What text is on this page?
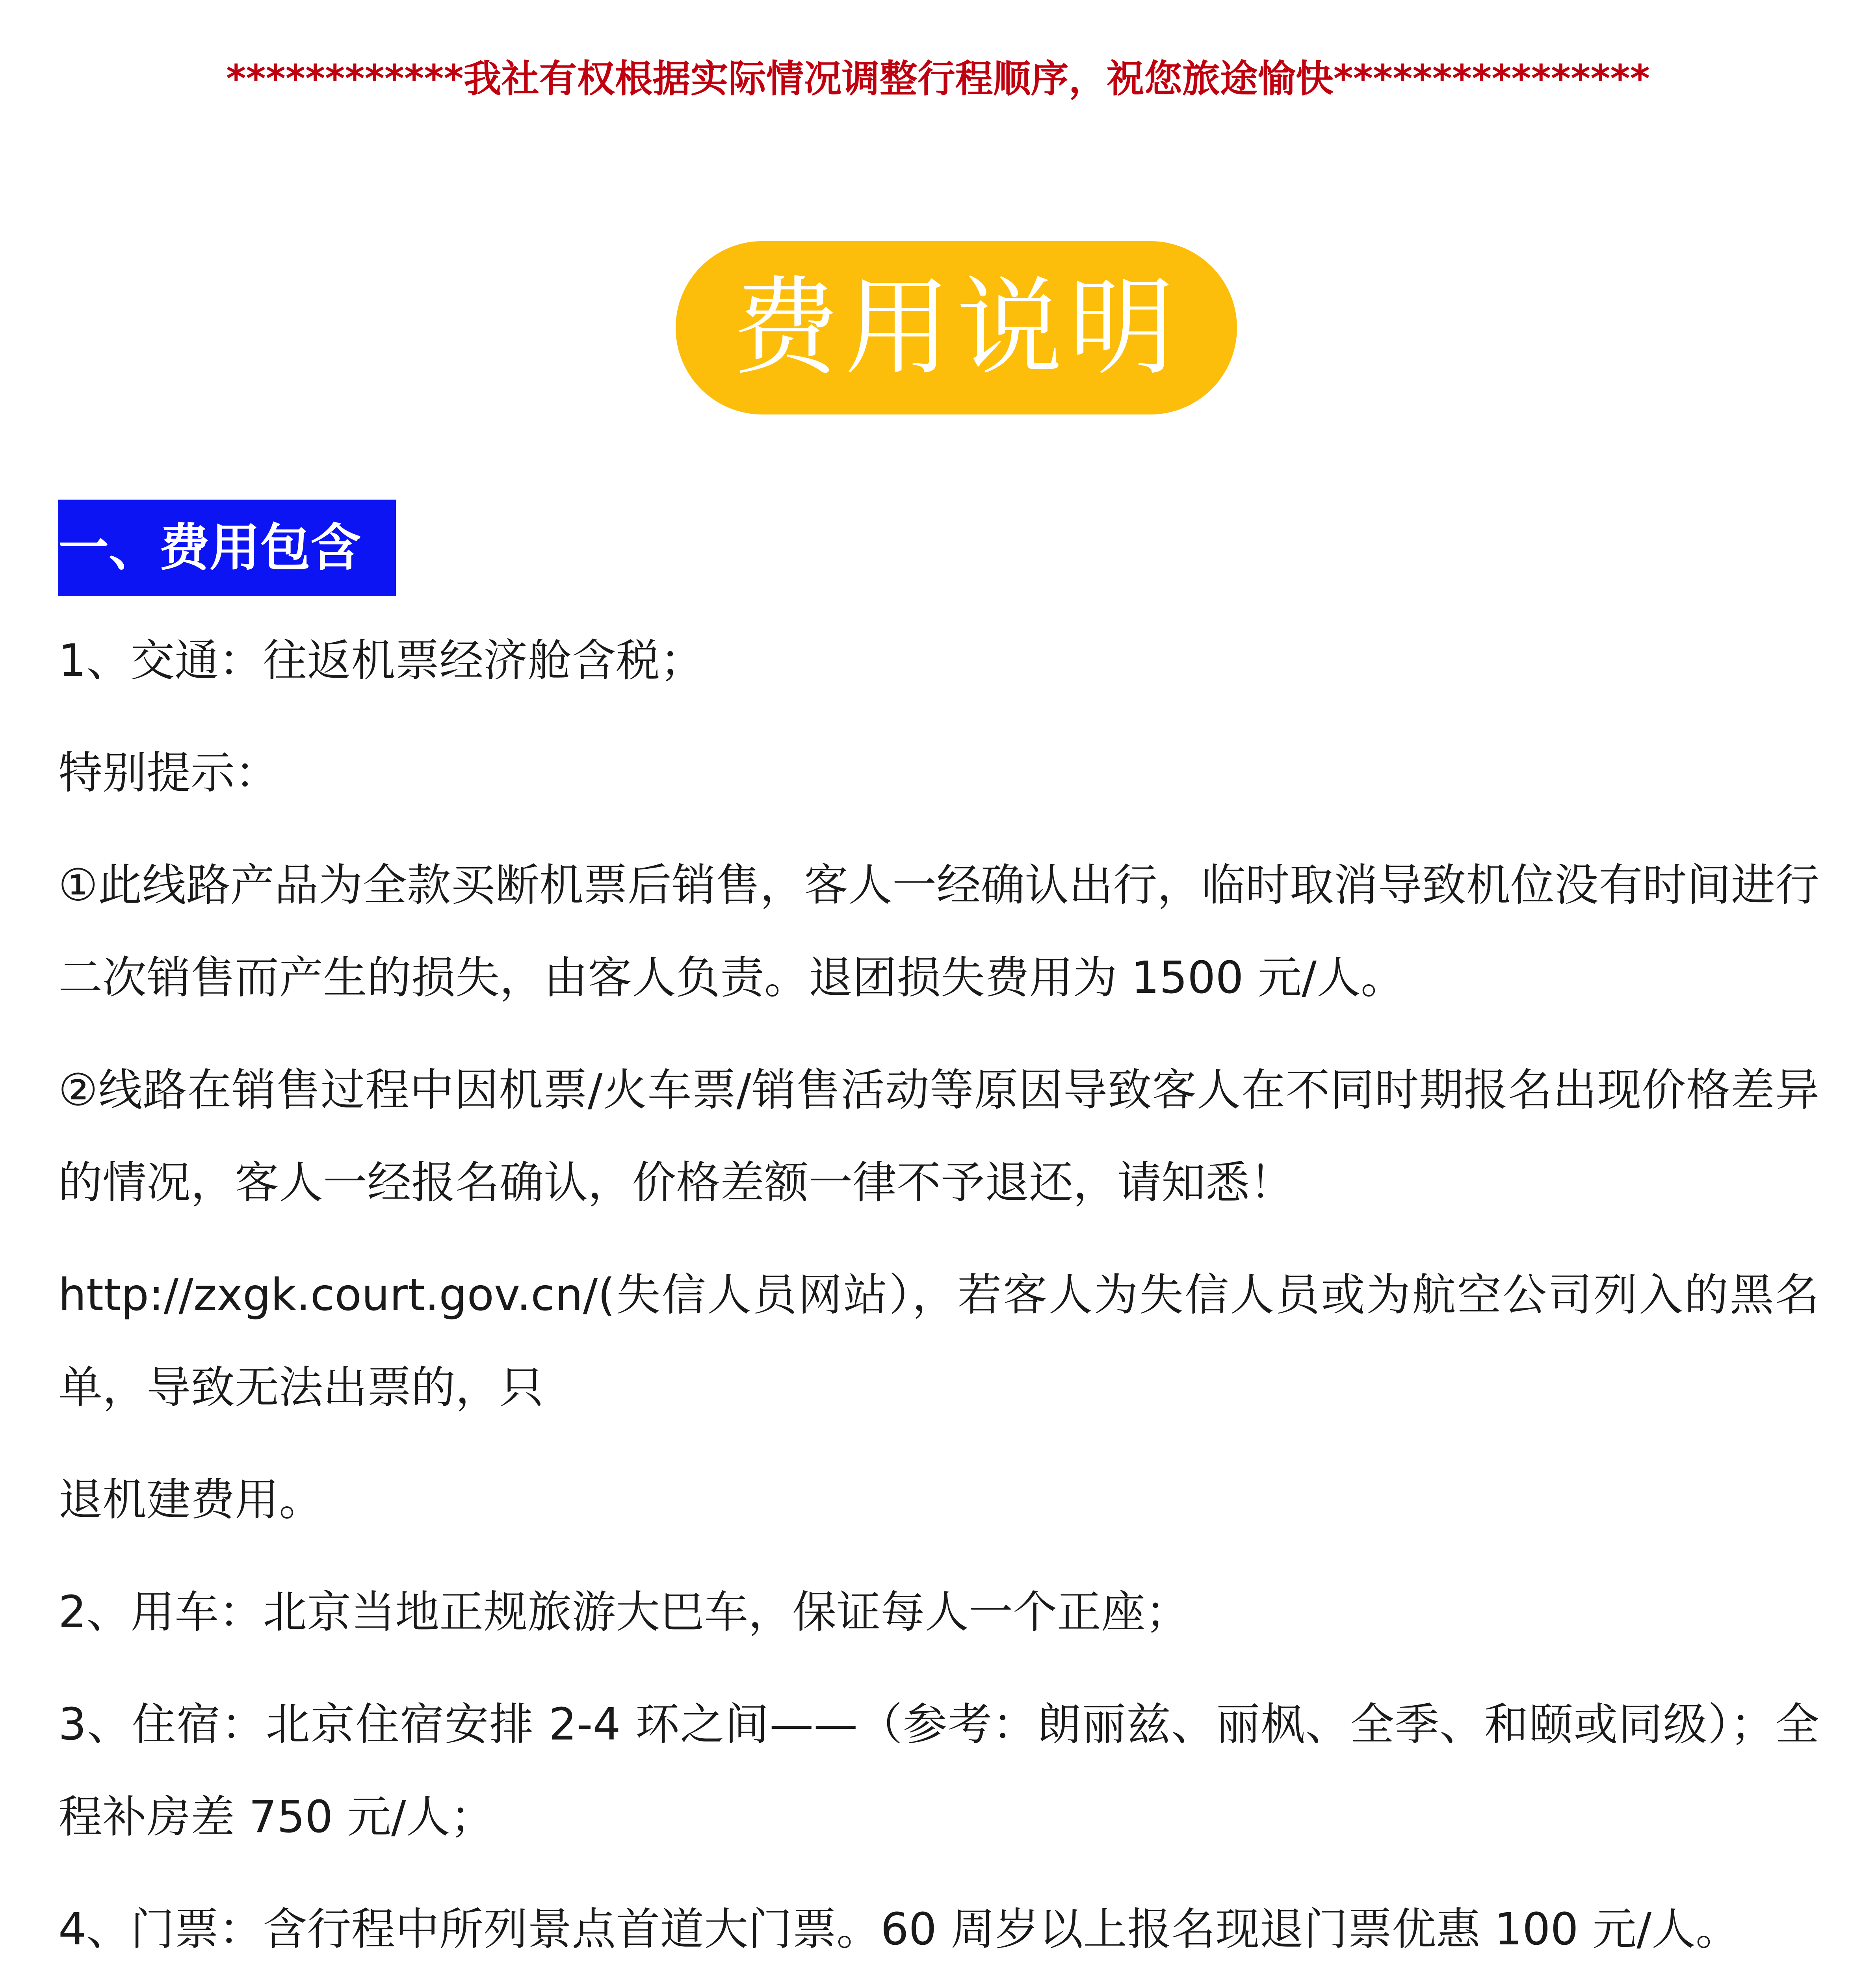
************我社有权根据实际情况调整行程顺序，祝您旅途愉快****************
费用说明
一、费用包含

1、交通：往返机票经济舱含税；

特别提示：

①此线路产品为全款买断机票后销售，客人一经确认出行，临时取消导致机位没有时间进行二次销售而产生的损失，由客人负责。退团损失费用为 1500 元/人。

②线路在销售过程中因机票/火车票/销售活动等原因导致客人在不同时期报名出现价格差异的情况，客人一经报名确认，价格差额一律不予退还，请知悉！

http://zxgk.court.gov.cn/(失信人员网站），若客人为失信人员或为航空公司列入的黑名单，导致无法出票的，只

退机建费用。

2、用车：北京当地正规旅游大巴车，保证每人一个正座；

3、住宿：北京住宿安排 2-4 环之间——（参考：朗丽兹、丽枫、全季、和颐或同级）；全程补房差 750 元/人；

4、门票：含行程中所列景点首道大门票。60 周岁以上报名现退门票优惠 100 元/人。
